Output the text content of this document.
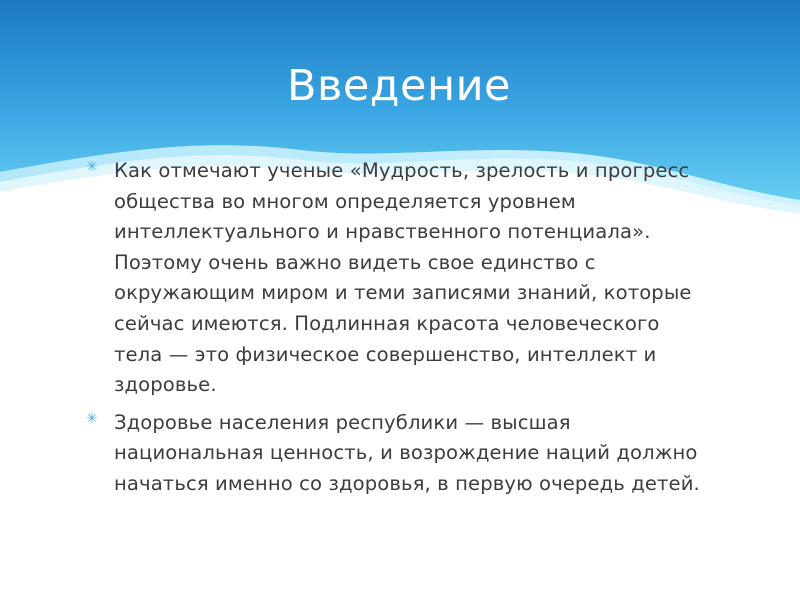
Введение
✳ Как отмечают ученые «Мудрость, зрелость и прогресс общества во многом определяется уровнем интеллектуального и нравственного потенциала». Поэтому очень важно видеть свое единство с окружающим миром и теми записями знаний, которые сейчас имеются. Подлинная красота человеческого тела — это физическое совершенство, интеллект и здоровье.
✳ Здоровье населения республики — высшая национальная ценность, и возрождение наций должно начаться именно со здоровья, в первую очередь детей.
